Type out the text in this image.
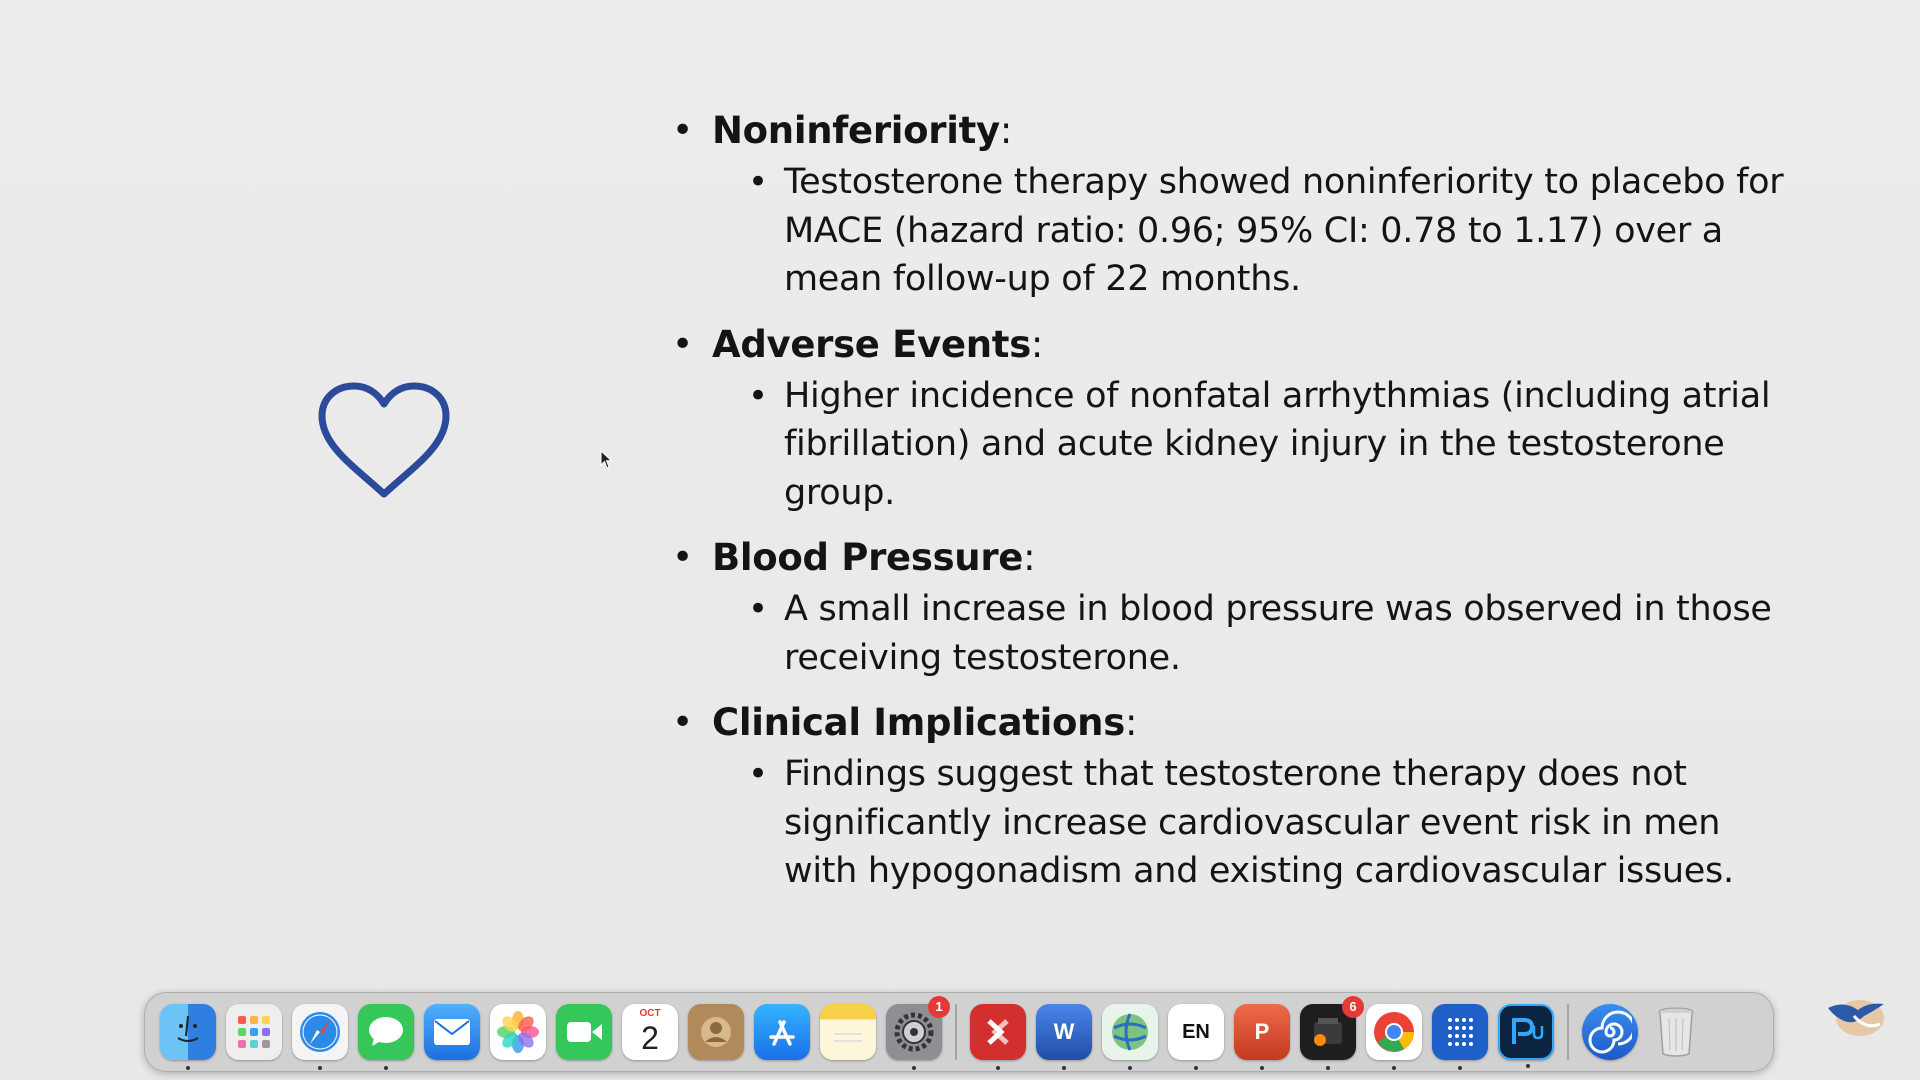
• Noninferiority:
• Testosterone therapy showed noninferiority to placebo for MACE (hazard ratio: 0.96; 95% CI: 0.78 to 1.17) over a mean follow-up of 22 months.
• Adverse Events:
• Higher incidence of nonfatal arrhythmias (including atrial fibrillation) and acute kidney injury in the testosterone group.
• Blood Pressure:
• A small increase in blood pressure was observed in those receiving testosterone.
• Clinical Implications:
• Findings suggest that testosterone therapy does not significantly increase cardiovascular event risk in men with hypogonadism and existing cardiovascular issues.
OCT
2
1
W	EN P
6
